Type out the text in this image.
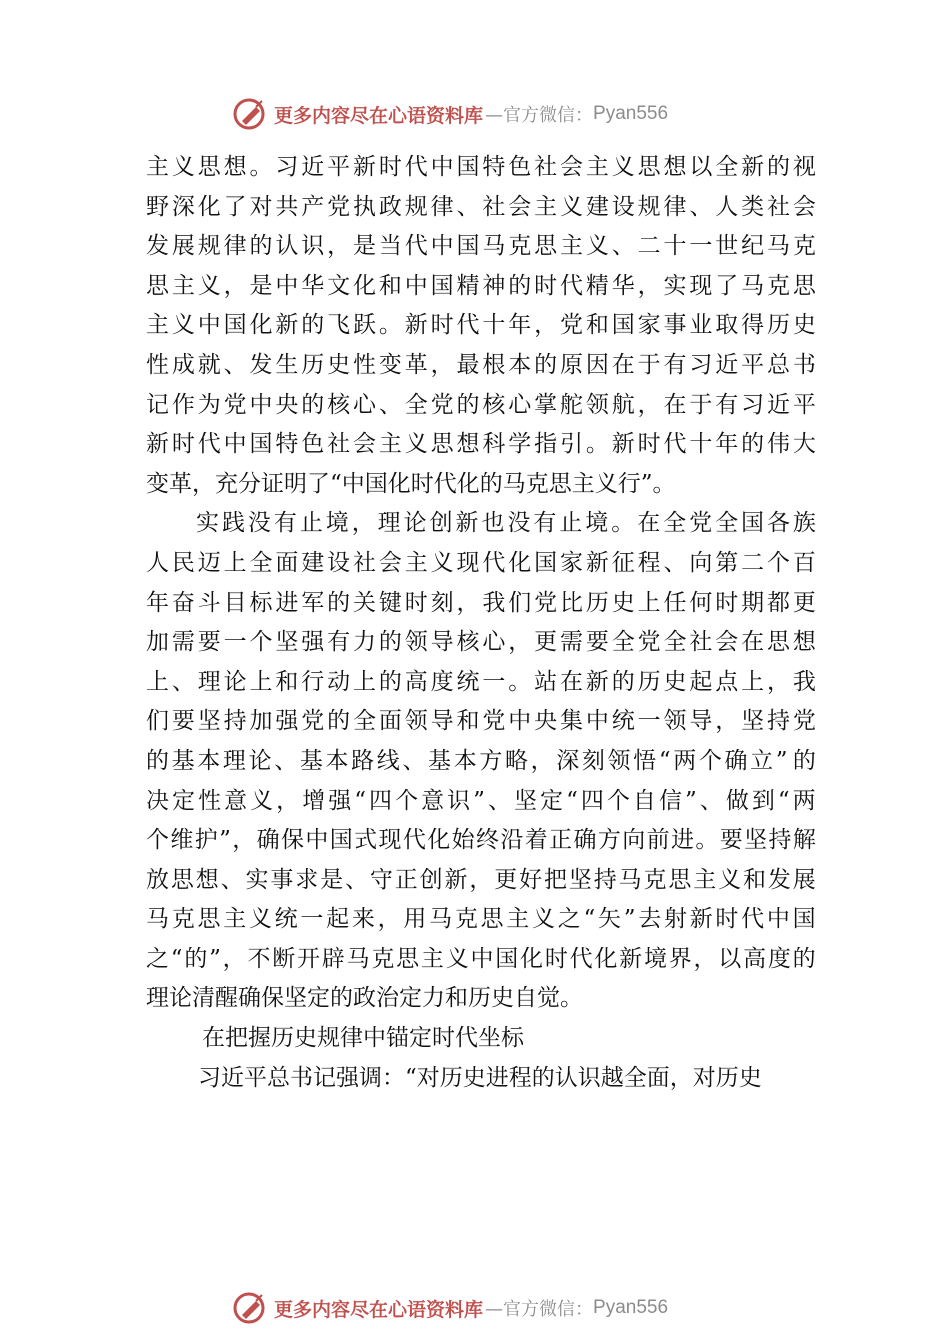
更多内容尽在心语资料库 —官方微信： Pyan556
主 义 思 想 。 习 近 平 新 时 代 中 国 特 色 社 会 主 义 思 想 以 全 新 的 视
野 深 化 了 对 共 产 党 执 政 规 律 、 社 会 主 义 建 设 规 律 、 人 类 社 会
发 展 规 律 的 认 识 ， 是 当 代 中 国 马 克 思 主 义 、 二 十 一 世 纪 马 克
思 主 义 ， 是 中 华 文 化 和 中 国 精 神 的 时 代 精 华 ， 实 现 了 马 克 思
主 义 中 国 化 新 的 飞 跃 。 新 时 代 十 年 ， 党 和 国 家 事 业 取 得 历 史
性 成 就 、 发 生 历 史 性 变 革 ， 最 根 本 的 原 因 在 于 有 习 近 平 总 书
记 作 为 党 中 央 的 核 心 、 全 党 的 核 心 掌 舵 领 航 ， 在 于 有 习 近 平
新 时 代 中 国 特 色 社 会 主 义 思 想 科 学 指 引 。 新 时 代 十 年 的 伟 大
变革，充分证明了“中国化时代化的马克思主义行”。
实 践 没 有 止 境 ， 理 论 创 新 也 没 有 止 境 。 在 全 党 全 国 各 族
人 民 迈 上 全 面 建 设 社 会 主 义 现 代 化 国 家 新 征 程 、 向 第 二 个 百
年 奋 斗 目 标 进 军 的 关 键 时 刻 ， 我 们 党 比 历 史 上 任 何 时 期 都 更
加 需 要 一 个 坚 强 有 力 的 领 导 核 心 ， 更 需 要 全 党 全 社 会 在 思 想
上 、 理 论 上 和 行 动 上 的 高 度 统 一 。 站 在 新 的 历 史 起 点 上 ， 我
们 要 坚 持 加 强 党 的 全 面 领 导 和 党 中 央 集 中 统 一 领 导 ， 坚 持 党
的 基 本 理 论 、 基 本 路 线 、 基 本 方 略 ， 深 刻 领 悟 “ 两 个 确 立 ” 的
决 定 性 意 义 ， 增 强 “ 四 个 意 识 ” 、 坚 定 “ 四 个 自 信 ” 、 做 到 “ 两
个 维 护 ” ， 确 保 中 国 式 现 代 化 始 终 沿 着 正 确 方 向 前 进 。 要 坚 持 解
放 思 想 、 实 事 求 是 、 守 正 创 新 ， 更 好 把 坚 持 马 克 思 主 义 和 发 展
马 克 思 主 义 统 一 起 来 ， 用 马 克 思 主 义 之 “ 矢 ” 去 射 新 时 代 中 国
之 “ 的 ” ， 不 断 开 辟 马 克 思 主 义 中 国 化 时 代 化 新 境 界 ， 以 高 度 的
理论清醒确保坚定的政治定力和历史自觉。
在把握历史规律中锚定时代坐标
习近平总书记强调：“对历史进程的认识越全面，对历史
更多内容尽在心语资料库 —官方微信： Pyan556
